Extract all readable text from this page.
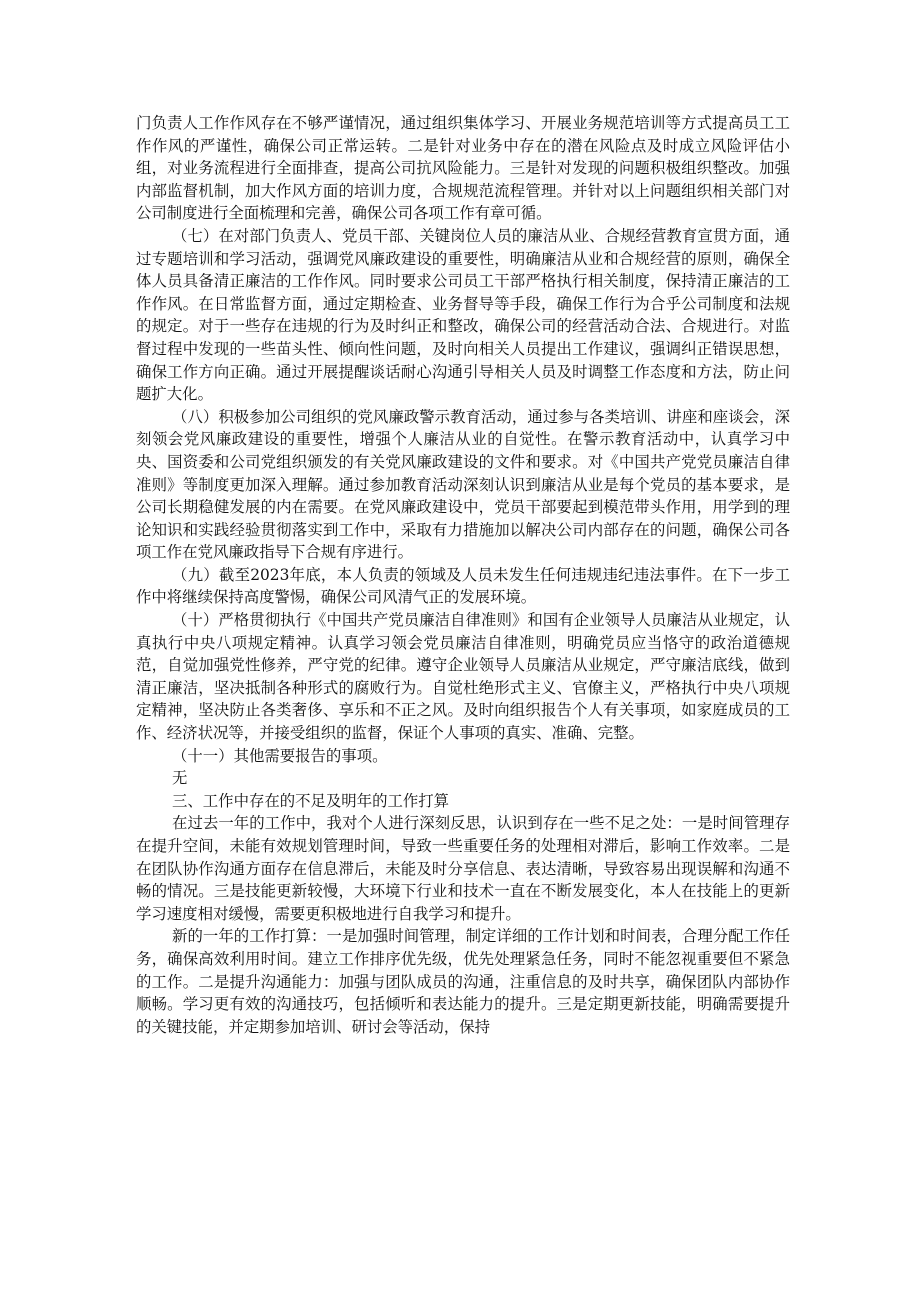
门负责人工作作风存在不够严谨情况，通过组织集体学习、开展业务规范培训等方式提高员工工作作风的严谨性，确保公司正常运转。二是针对业务中存在的潜在风险点及时成立风险评估小组，对业务流程进行全面排查，提高公司抗风险能力。三是针对发现的问题积极组织整改。加强内部监督机制，加大作风方面的培训力度，合规规范流程管理。并针对以上问题组织相关部门对公司制度进行全面梳理和完善，确保公司各项工作有章可循。

（七）在对部门负责人、党员干部、关键岗位人员的廉洁从业、合规经营教育宣贯方面，通过专题培训和学习活动，强调党风廉政建设的重要性，明确廉洁从业和合规经营的原则，确保全体人员具备清正廉洁的工作作风。同时要求公司员工干部严格执行相关制度，保持清正廉洁的工作作风。在日常监督方面，通过定期检查、业务督导等手段，确保工作行为合乎公司制度和法规的规定。对于一些存在违规的行为及时纠正和整改，确保公司的经营活动合法、合规进行。对监督过程中发现的一些苗头性、倾向性问题，及时向相关人员提出工作建议，强调纠正错误思想，确保工作方向正确。通过开展提醒谈话耐心沟通引导相关人员及时调整工作态度和方法，防止问题扩大化。

（八）积极参加公司组织的党风廉政警示教育活动，通过参与各类培训、讲座和座谈会，深刻领会党风廉政建设的重要性，增强个人廉洁从业的自觉性。在警示教育活动中，认真学习中央、国资委和公司党组织颁发的有关党风廉政建设的文件和要求。对《中国共产党党员廉洁自律准则》等制度更加深入理解。通过参加教育活动深刻认识到廉洁从业是每个党员的基本要求，是公司长期稳健发展的内在需要。在党风廉政建设中，党员干部要起到模范带头作用，用学到的理论知识和实践经验贯彻落实到工作中，采取有力措施加以解决公司内部存在的问题，确保公司各项工作在党风廉政指导下合规有序进行。

（九）截至2023年底，本人负责的领域及人员未发生任何违规违纪违法事件。在下一步工作中将继续保持高度警惕，确保公司风清气正的发展环境。

（十）严格贯彻执行《中国共产党员廉洁自律准则》和国有企业领导人员廉洁从业规定，认真执行中央八项规定精神。认真学习领会党员廉洁自律准则，明确党员应当恪守的政治道德规范，自觉加强党性修养，严守党的纪律。遵守企业领导人员廉洁从业规定，严守廉洁底线，做到清正廉洁，坚决抵制各种形式的腐败行为。自觉杜绝形式主义、官僚主义，严格执行中央八项规定精神，坚决防止各类奢侈、享乐和不正之风。及时向组织报告个人有关事项，如家庭成员的工作、经济状况等，并接受组织的监督，保证个人事项的真实、准确、完整。

（十一）其他需要报告的事项。

无

三、工作中存在的不足及明年的工作打算

在过去一年的工作中，我对个人进行深刻反思，认识到存在一些不足之处：一是时间管理存在提升空间，未能有效规划管理时间，导致一些重要任务的处理相对滞后，影响工作效率。二是在团队协作沟通方面存在信息滞后，未能及时分享信息、表达清晰，导致容易出现误解和沟通不畅的情况。三是技能更新较慢，大环境下行业和技术一直在不断发展变化，本人在技能上的更新学习速度相对缓慢，需要更积极地进行自我学习和提升。

新的一年的工作打算：一是加强时间管理，制定详细的工作计划和时间表，合理分配工作任务，确保高效利用时间。建立工作排序优先级，优先处理紧急任务，同时不能忽视重要但不紧急的工作。二是提升沟通能力：加强与团队成员的沟通，注重信息的及时共享，确保团队内部协作顺畅。学习更有效的沟通技巧，包括倾听和表达能力的提升。三是定期更新技能，明确需要提升的关键技能，并定期参加培训、研讨会等活动，保持
